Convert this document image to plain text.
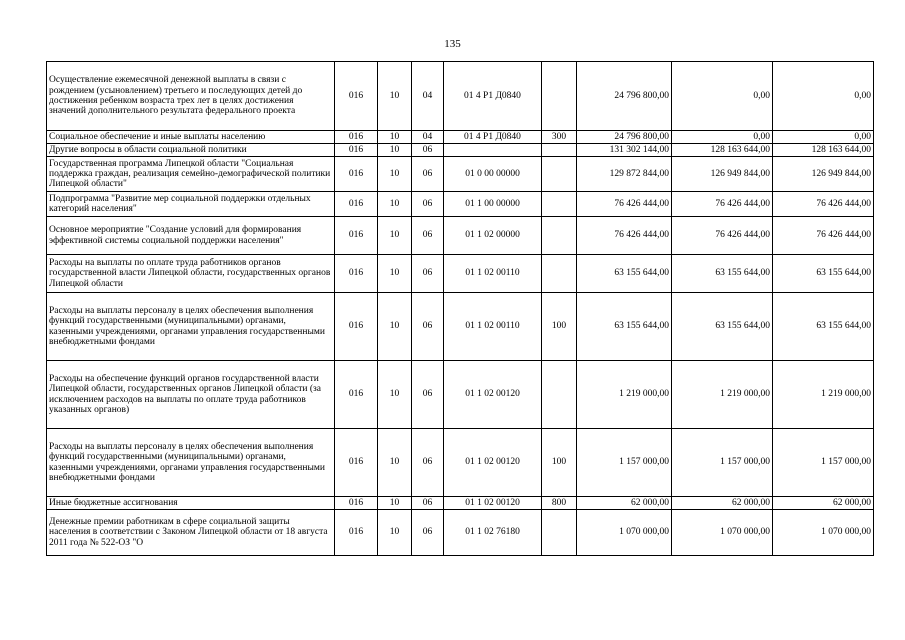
135
Осуществление ежемесячной денежной выплаты в связи с рождением (усыновлением) третьего и последующих детей до достижения ребенком возраста трех лет в целях достижения значений дополнительного результата федерального проекта	016	10	04	01 4 P1 Д0840		24 796 800,00	0,00	0,00
Социальное обеспечение и иные выплаты населению	016	10	04	01 4 P1 Д0840	300	24 796 800,00	0,00	0,00
Другие вопросы в области социальной политики	016	10	06			131 302 144,00	128 163 644,00	128 163 644,00
Государственная программа Липецкой области "Социальная поддержка граждан, реализация семейно-демографической политики Липецкой области"	016	10	06	01 0 00 00000		129 872 844,00	126 949 844,00	126 949 844,00
Подпрограмма "Развитие мер социальной поддержки отдельных категорий населения"	016	10	06	01 1 00 00000		76 426 444,00	76 426 444,00	76 426 444,00
Основное мероприятие "Создание условий для формирования эффективной системы социальной поддержки населения"	016	10	06	01 1 02 00000		76 426 444,00	76 426 444,00	76 426 444,00
Расходы на выплаты по оплате труда работников органов государственной власти Липецкой области, государственных органов Липецкой области	016	10	06	01 1 02 00110		63 155 644,00	63 155 644,00	63 155 644,00
Расходы на выплаты персоналу в целях обеспечения выполнения функций государственными (муниципальными) органами, казенными учреждениями, органами управления государственными внебюджетными фондами	016	10	06	01 1 02 00110	100	63 155 644,00	63 155 644,00	63 155 644,00
Расходы на обеспечение функций органов государственной власти Липецкой области, государственных органов Липецкой области (за исключением расходов на выплаты по оплате труда работников указанных органов)	016	10	06	01 1 02 00120		1 219 000,00	1 219 000,00	1 219 000,00
Расходы на выплаты персоналу в целях обеспечения выполнения функций государственными (муниципальными) органами, казенными учреждениями, органами управления государственными внебюджетными фондами	016	10	06	01 1 02 00120	100	1 157 000,00	1 157 000,00	1 157 000,00
Иные бюджетные ассигнования	016	10	06	01 1 02 00120	800	62 000,00	62 000,00	62 000,00
Денежные премии работникам в сфере социальной защиты населения в соответствии с Законом Липецкой области от 18 августа 2011 года № 522-ОЗ "О	016	10	06	01 1 02 76180		1 070 000,00	1 070 000,00	1 070 000,00
